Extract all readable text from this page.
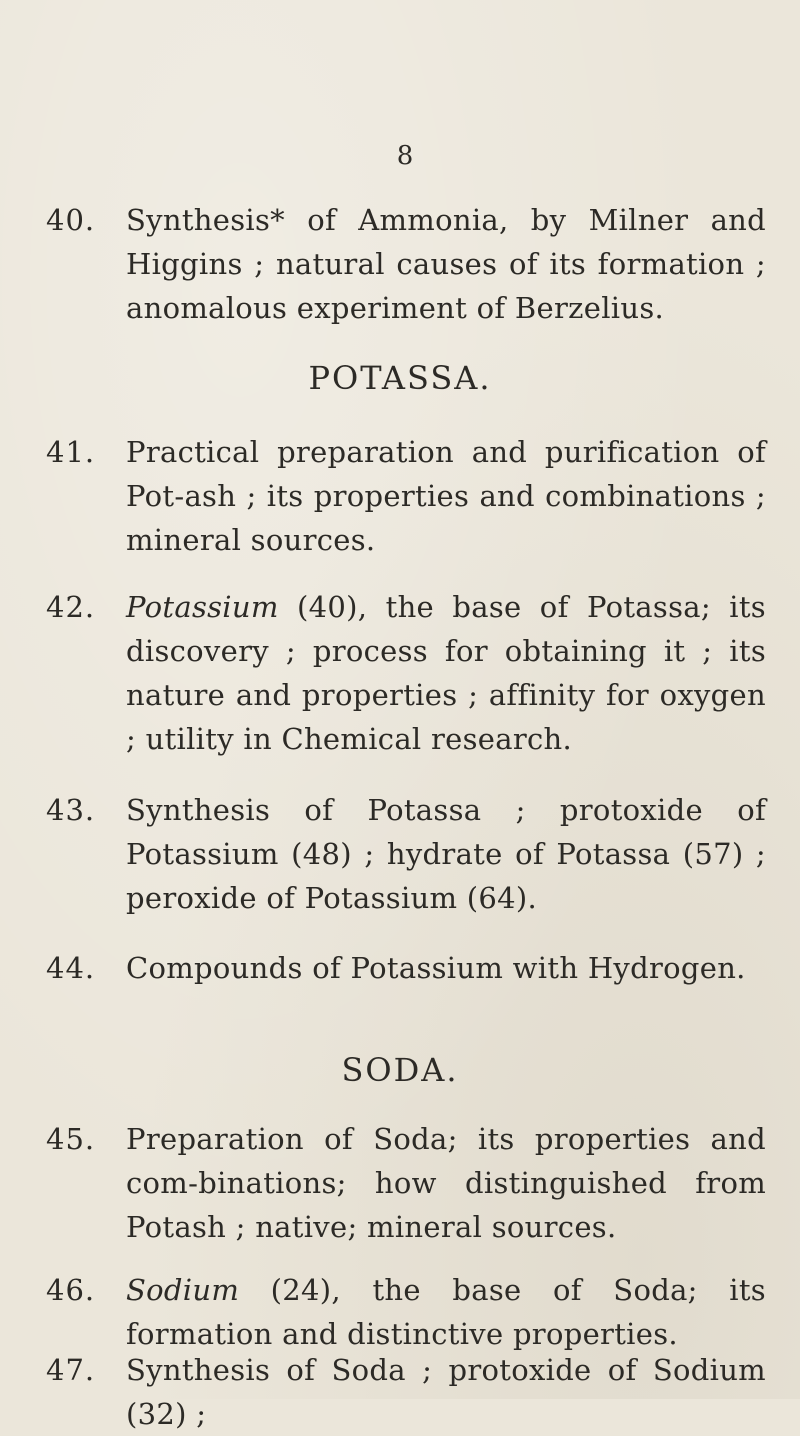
8
40.	Synthesis* of Ammonia, by Milner and Higgins ; natural causes of its formation ; anomalous experiment of Berzelius.
POTASSA.
41.	Practical preparation and purification of Pot-ash ; its properties and combinations ; mineral sources.
42.	Potassium (40), the base of Potassa; its discovery ; process for obtaining it ; its nature and properties ; affinity for oxygen ; utility in Chemical research.
43.	Synthesis of Potassa ; protoxide of Potassium (48) ; hydrate of Potassa (57) ; peroxide of Potassium (64).
44.	Compounds of Potassium with Hydrogen.
SODA.
45.	Preparation of Soda; its properties and com-binations; how distinguished from Potash ; native; mineral sources.
46.	Sodium (24), the base of Soda; its formation and distinctive properties.
47.	Synthesis of Soda ; protoxide of Sodium (32) ;
